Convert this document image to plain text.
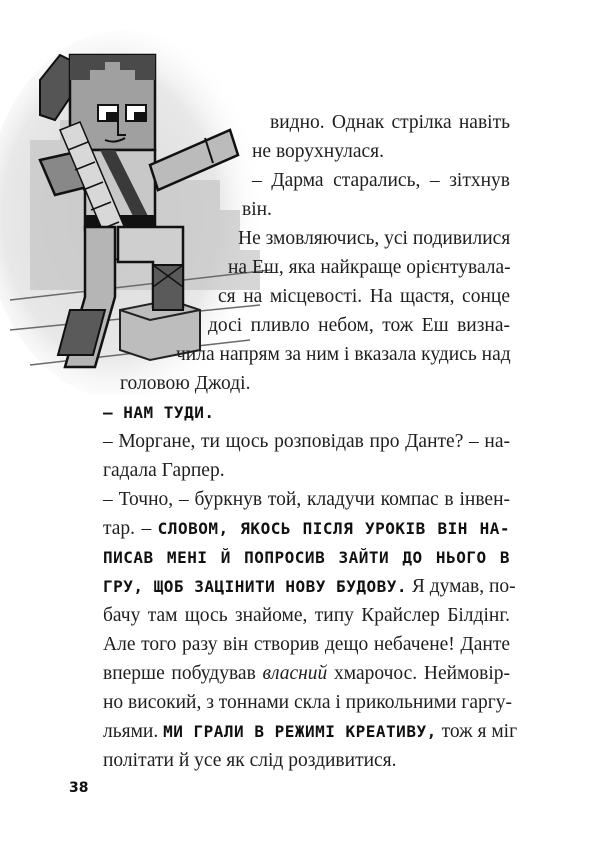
видно. Однак стрілка навіть
не ворухнулася.
– Дарма старались, – зітхнув
він.
Не змовляючись, усі подивилися
на Еш, яка найкраще орієнтувала-
ся на місцевості. На щастя, сонце
досі пливло небом, тож Еш визна-
чила напрям за ним і вказала кудись над
головою Джоді.
– НАМ ТУДИ.
– Моргане, ти щось розповідав про Данте? – на-
гадала Гарпер.
– Точно, – буркнув той, кладучи компас в інвен-
тар. – СЛОВОМ, ЯКОСЬ ПІСЛЯ УРОКІВ ВІН НА-
ПИСАВ МЕНІ Й ПОПРОСИВ ЗАЙТИ ДО НЬОГО В
ГРУ, ЩОБ ЗАЦІНИТИ НОВУ БУДОВУ. Я думав, по-
бачу там щось знайоме, типу Крайслер Білдінг.
Але того разу він створив дещо небачене! Данте
вперше побудував власний хмарочос. Неймовір-
но високий, з тоннами скла і прикольними гаргу-
льями. МИ ГРАЛИ В РЕЖИМІ КРЕАТИВУ, тож я міг
політати й усе як слід роздивитися.
38
